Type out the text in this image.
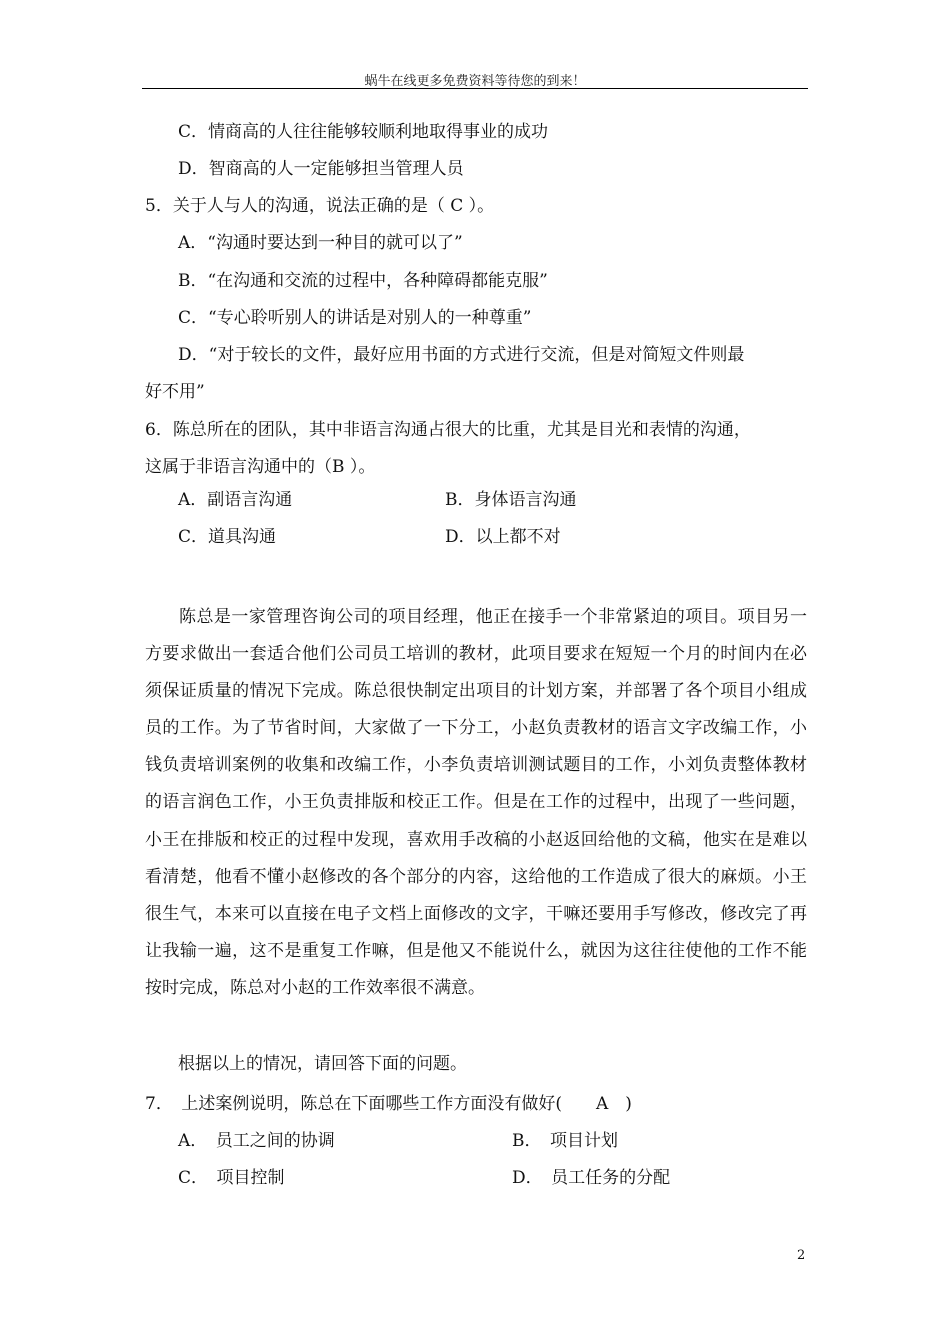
蜗牛在线更多免费资料等待您的到来！
C．情商高的人往往能够较顺利地取得事业的成功
D．智商高的人一定能够担当管理人员
5．关于人与人的沟通，说法正确的是（ C ）。
A．“沟通时要达到一种目的就可以了”
B．“在沟通和交流的过程中，各种障碍都能克服”
C．“专心聆听别人的讲话是对别人的一种尊重”
D．“对于较长的文件，最好应用书面的方式进行交流，但是对简短文件则最
好不用”
6．陈总所在的团队，其中非语言沟通占很大的比重，尤其是目光和表情的沟通，
这属于非语言沟通中的（B ）。
A．副语言沟通	B．身体语言沟通
C．道具沟通	D．以上都不对

陈总是一家管理咨询公司的项目经理，他正在接手一个非常紧迫的项目。项目另一方要求做出一套适合他们公司员工培训的教材，此项目要求在短短一个月的时间内在必须保证质量的情况下完成。陈总很快制定出项目的计划方案，并部署了各个项目小组成员的工作。为了节省时间，大家做了一下分工，小赵负责教材的语言文字改编工作，小钱负责培训案例的收集和改编工作，小李负责培训测试题目的工作，小刘负责整体教材的语言润色工作，小王负责排版和校正工作。但是在工作的过程中，出现了一些问题，小王在排版和校正的过程中发现，喜欢用手改稿的小赵返回给他的文稿，他实在是难以看清楚，他看不懂小赵修改的各个部分的内容，这给他的工作造成了很大的麻烦。小王很生气，本来可以直接在电子文档上面修改的文字，干嘛还要用手写修改，修改完了再让我输一遍，这不是重复工作嘛，但是他又不能说什么，就因为这往往使他的工作不能按时完成，陈总对小赵的工作效率很不满意。

根据以上的情况，请回答下面的问题。
7．　上述案例说明，陈总在下面哪些工作方面没有做好(　　A　)
A．　员工之间的协调	B．　项目计划
C．　项目控制	D．　员工任务的分配
2
